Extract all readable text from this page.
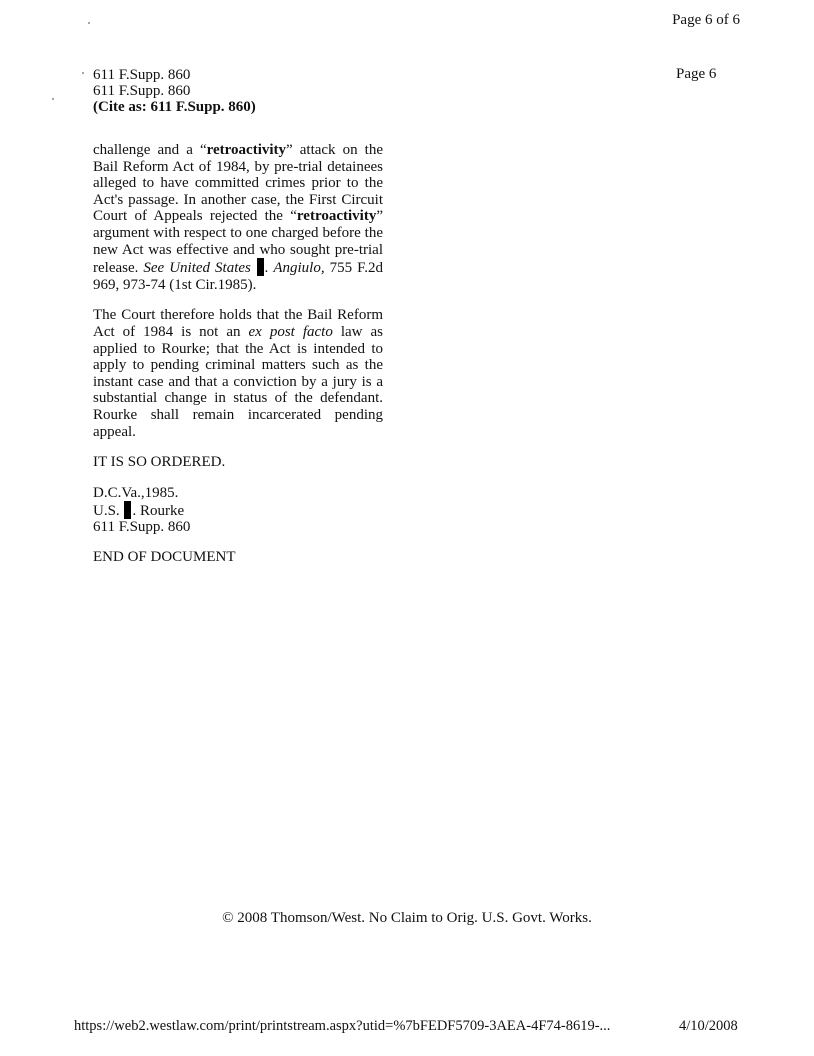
Page 6 of 6
Page 6
611 F.Supp. 860
611 F.Supp. 860
(Cite as: 611 F.Supp. 860)

challenge and a “retroactivity” attack on the Bail Reform Act of 1984, by pre-trial detainees alleged to have committed crimes prior to the Act's passage. In another case, the First Circuit Court of Appeals rejected the “retroactivity” argument with respect to one charged before the new Act was effective and who sought pre-trial release. See United States . Angiulo, 755 F.2d 969, 973-74 (1st Cir.1985).

The Court therefore holds that the Bail Reform Act of 1984 is not an ex post facto law as applied to Rourke; that the Act is intended to apply to pending criminal matters such as the instant case and that a conviction by a jury is a substantial change in status of the defendant. Rourke shall remain incarcerated pending appeal.

IT IS SO ORDERED.

D.C.Va.,1985.
U.S. . Rourke
611 F.Supp. 860

END OF DOCUMENT

© 2008 Thomson/West. No Claim to Orig. U.S. Govt. Works.
https://web2.westlaw.com/print/printstream.aspx?utid=%7bFEDF5709-3AEA-4F74-8619-...	4/10/2008
